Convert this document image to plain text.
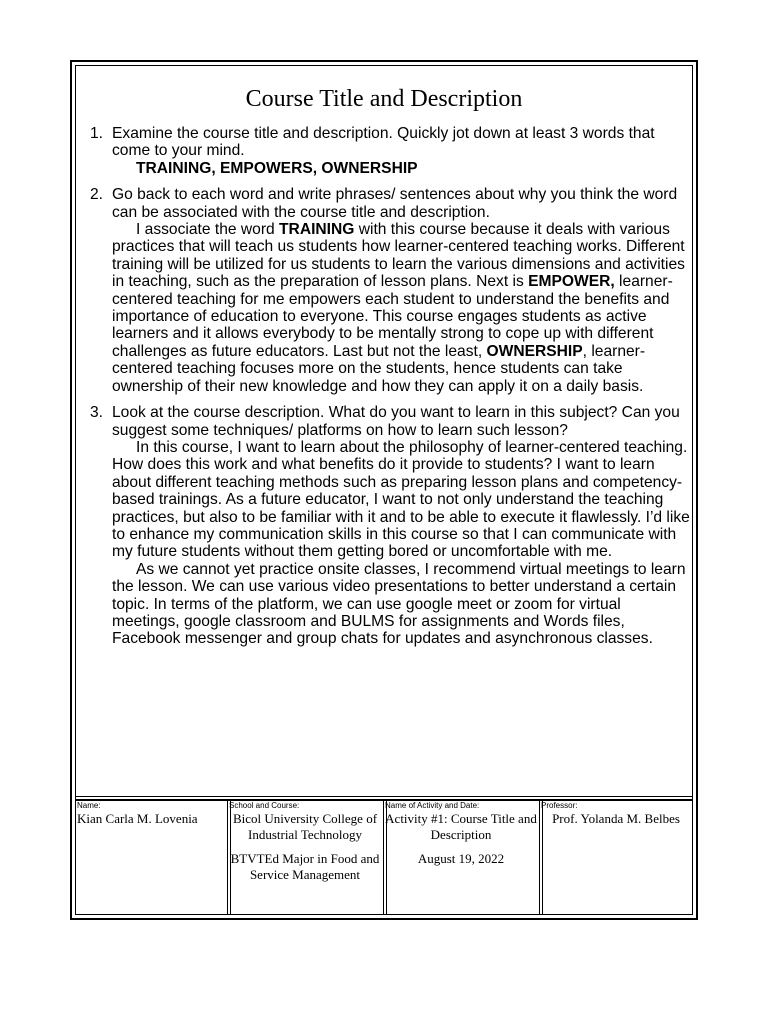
Course Title and Description
1. Examine the course title and description. Quickly jot down at least 3 words that come to your mind.
TRAINING, EMPOWERS, OWNERSHIP
2. Go back to each word and write phrases/ sentences about why you think the word can be associated with the course title and description.

I associate the word TRAINING with this course because it deals with various practices that will teach us students how learner-centered teaching works. Different training will be utilized for us students to learn the various dimensions and activities in teaching, such as the preparation of lesson plans. Next is EMPOWER, learner-centered teaching for me empowers each student to understand the benefits and importance of education to everyone. This course engages students as active learners and it allows everybody to be mentally strong to cope up with different challenges as future educators. Last but not the least, OWNERSHIP, learner-centered teaching focuses more on the students, hence students can take ownership of their new knowledge and how they can apply it on a daily basis.

3. Look at the course description. What do you want to learn in this subject? Can you suggest some techniques/ platforms on how to learn such lesson?

In this course, I want to learn about the philosophy of learner-centered teaching. How does this work and what benefits do it provide to students? I want to learn about different teaching methods such as preparing lesson plans and competency-based trainings. As a future educator, I want to not only understand the teaching practices, but also to be familiar with it and to be able to execute it flawlessly. I’d like to enhance my communication skills in this course so that I can communicate with my future students without them getting bored or uncomfortable with me.

As we cannot yet practice onsite classes, I recommend virtual meetings to learn the lesson. We can use various video presentations to better understand a certain topic. In terms of the platform, we can use google meet or zoom for virtual meetings, google classroom and BULMS for assignments and Words files, Facebook messenger and group chats for updates and asynchronous classes.

Name:
Kian Carla M. Lovenia
School and Course:
Bicol University College of Industrial Technology
BTVTEd Major in Food and Service Management
Name of Activity and Date:
Activity #1: Course Title and Description
August 19, 2022
Professor:
Prof. Yolanda M. Belbes
